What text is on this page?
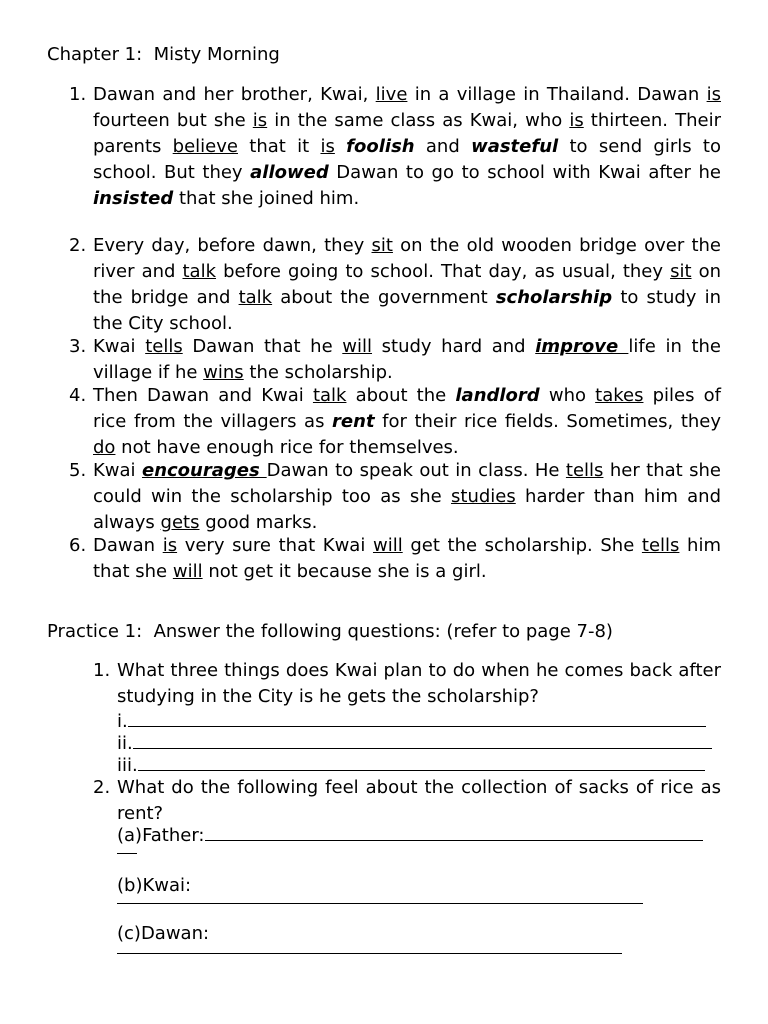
Chapter 1:  Misty Morning
1. Dawan and her brother, Kwai, live in a village in Thailand. Dawan is fourteen but she is in the same class as Kwai, who is thirteen. Their parents believe that it is foolish and wasteful to send girls to school. But they allowed Dawan to go to school with Kwai after he insisted that she joined him.
2. Every day, before dawn, they sit on the old wooden bridge over the river and talk before going to school. That day, as usual, they sit on the bridge and talk about the government scholarship to study in the City school.
3. Kwai tells Dawan that he will study hard and improve life in the village if he wins the scholarship.
4. Then Dawan and Kwai talk about the landlord who takes piles of rice from the villagers as rent for their rice fields. Sometimes, they do not have enough rice for themselves.
5. Kwai encourages Dawan to speak out in class. He tells her that she could win the scholarship too as she studies harder than him and always gets good marks.
6. Dawan is very sure that Kwai will get the scholarship. She tells him that she will not get it because she is a girl.
Practice 1:  Answer the following questions: (refer to page 7-8)
1. What three things does Kwai plan to do when he comes back after studying in the City is he gets the scholarship?
i.
ii.
iii.
2. What do the following feel about the collection of sacks of rice as rent?
(a)Father:
(b)Kwai:
(c)Dawan:
